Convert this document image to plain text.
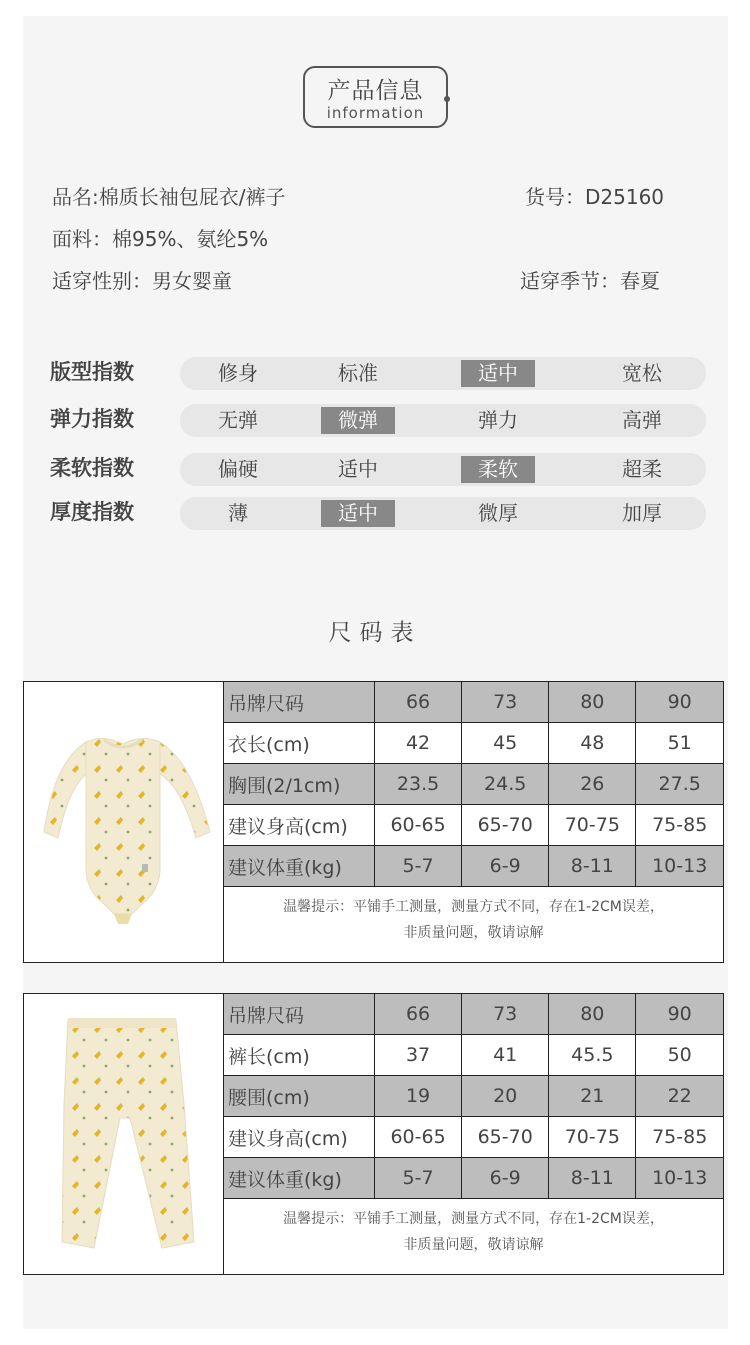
产品信息
information
品名:棉质长袖包屁衣/裤子	货号：D25160
面料：棉95%、氨纶5%
适穿性别：男女婴童	适穿季节：春夏
版型指数	修身	标准	适中	宽松
弹力指数	无弹	微弹	弹力	高弹
柔软指数	偏硬	适中	柔软	超柔
厚度指数	薄	适中	微厚	加厚
尺码表
吊牌尺码	66	73	80	90
衣长(cm)	42	45	48	51
胸围(2/1cm)	23.5	24.5	26	27.5
建议身高(cm)	60-65	65-70	70-75	75-85
建议体重(kg)	5-7	6-9	8-11	10-13

温馨提示：平铺手工测量，测量方式不同，存在1-2CM误差，
非质量问题，敬请谅解				
吊牌尺码	66	73	80	90
裤长(cm)	37	41	45.5	50
腰围(cm)	19	20	21	22
建议身高(cm)	60-65	65-70	70-75	75-85
建议体重(kg)	5-7	6-9	8-11	10-13

温馨提示：平铺手工测量，测量方式不同，存在1-2CM误差，
非质量问题，敬请谅解				
